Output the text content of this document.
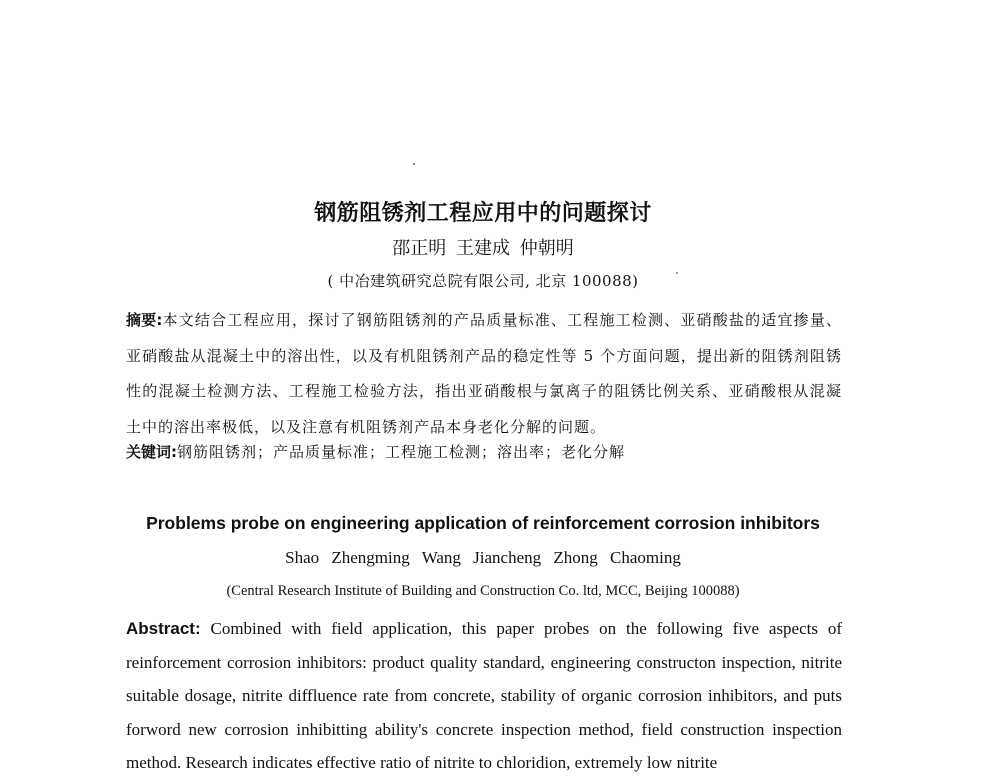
钢筋阻锈剂工程应用中的问题探讨
邵正明 王建成 仲朝明
( 中冶建筑研究总院有限公司, 北京 100088)
摘要:本文结合工程应用，探讨了钢筋阻锈剂的产品质量标准、工程施工检测、亚硝酸盐的适宜掺量、亚硝酸盐从混凝土中的溶出性，以及有机阻锈剂产品的稳定性等 5 个方面问题，提出新的阻锈剂阻锈性的混凝土检测方法、工程施工检验方法，指出亚硝酸根与氯离子的阻锈比例关系、亚硝酸根从混凝土中的溶出率极低，以及注意有机阻锈剂产品本身老化分解的问题。
关键词:钢筋阻锈剂；产品质量标准；工程施工检测；溶出率；老化分解
Problems probe on engineering application of reinforcement corrosion inhibitors
Shao Zhengming Wang Jiancheng Zhong Chaoming
(Central Research Institute of Building and Construction Co. ltd, MCC, Beijing 100088)
Abstract: Combined with field application, this paper probes on the following five aspects of reinforcement corrosion inhibitors: product quality standard, engineering constructon inspection, nitrite suitable dosage, nitrite diffluence rate from concrete, stability of organic corrosion inhibitors, and puts forword new corrosion inhibitting ability's concrete inspection method, field construction inspection method. Research indicates effective ratio of nitrite to chloridion, extremely low nitrite
